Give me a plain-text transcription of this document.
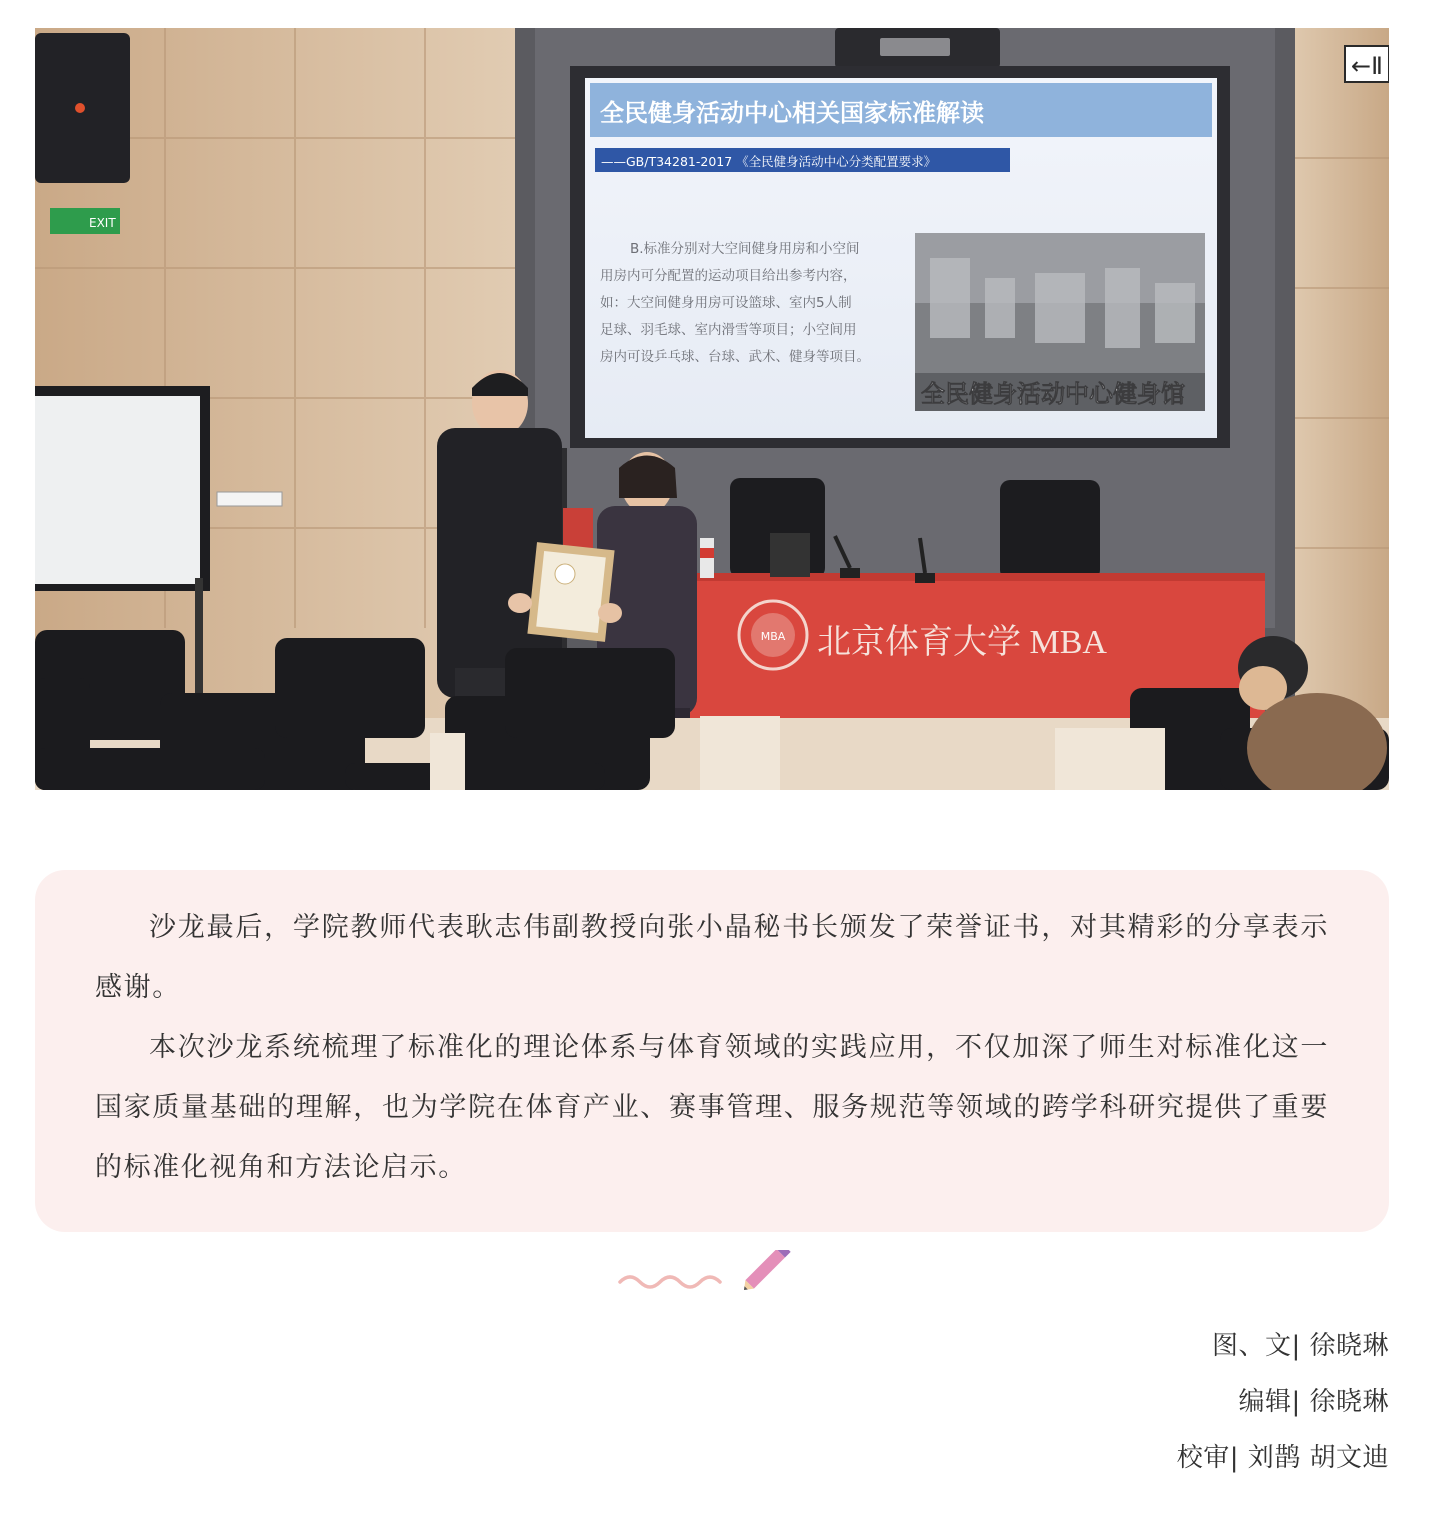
←Ⅱ
EXIT
全民健身活动中心相关国家标准解读
——GB/T34281-2017 《全民健身活动中心分类配置要求》
B.标准分别对大空间健身用房和小空间
用房内可分配置的运动项目给出参考内容，
如：大空间健身用房可设篮球、室内5人制
足球、羽毛球、室内滑雪等项目；小空间用
房内可设乒乓球、台球、武术、健身等项目。
全民健身活动中心健身馆
MBA 北京体育大学 MBA

沙龙最后，学院教师代表耿志伟副教授向张小晶秘书长颁发了荣誉证书，对其精彩的分享表示感谢。

本次沙龙系统梳理了标准化的理论体系与体育领域的实践应用，不仅加深了师生对标准化这一国家质量基础的理解，也为学院在体育产业、赛事管理、服务规范等领域的跨学科研究提供了重要的标准化视角和方法论启示。

图、文| 徐晓琳
编辑| 徐晓琳
校审| 刘鹊 胡文迪
